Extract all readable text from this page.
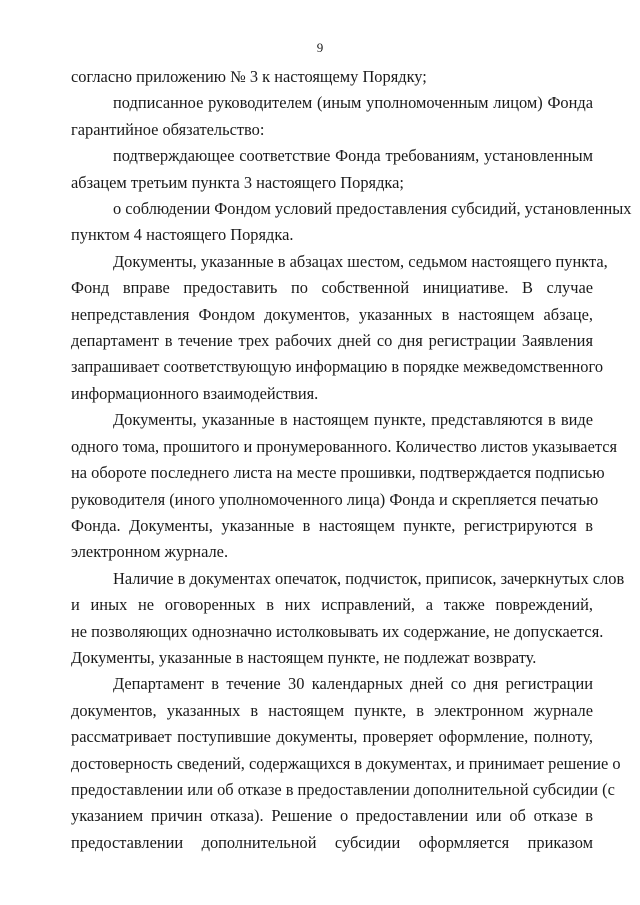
9
согласно приложению № 3 к настоящему Порядку;
подписанное руководителем (иным уполномоченным лицом) Фонда
гарантийное обязательство:
подтверждающее соответствие Фонда требованиям, установленным
абзацем третьим пункта 3 настоящего Порядка;
о соблюдении Фондом условий предоставления субсидий, установленных
пунктом 4 настоящего Порядка.
Документы, указанные в абзацах шестом, седьмом настоящего пункта,
Фонд вправе предоставить по собственной инициативе. В случае
непредставления Фондом документов, указанных в настоящем абзаце,
департамент в течение трех рабочих дней со дня регистрации Заявления
запрашивает соответствующую информацию в порядке межведомственного
информационного взаимодействия.
Документы, указанные в настоящем пункте, представляются в виде
одного тома, прошитого и пронумерованного. Количество листов указывается
на обороте последнего листа на месте прошивки, подтверждается подписью
руководителя (иного уполномоченного лица) Фонда и скрепляется печатью
Фонда. Документы, указанные в настоящем пункте, регистрируются в
электронном журнале.
Наличие в документах опечаток, подчисток, приписок, зачеркнутых слов
и иных не оговоренных в них исправлений, а также повреждений,
не позволяющих однозначно истолковывать их содержание, не допускается.
Документы, указанные в настоящем пункте, не подлежат возврату.
Департамент в течение 30 календарных дней со дня регистрации
документов, указанных в настоящем пункте, в электронном журнале
рассматривает поступившие документы, проверяет оформление, полноту,
достоверность сведений, содержащихся в документах, и принимает решение о
предоставлении или об отказе в предоставлении дополнительной субсидии (с
указанием причин отказа). Решение о предоставлении или об отказе в
предоставлении дополнительной субсидии оформляется приказом
